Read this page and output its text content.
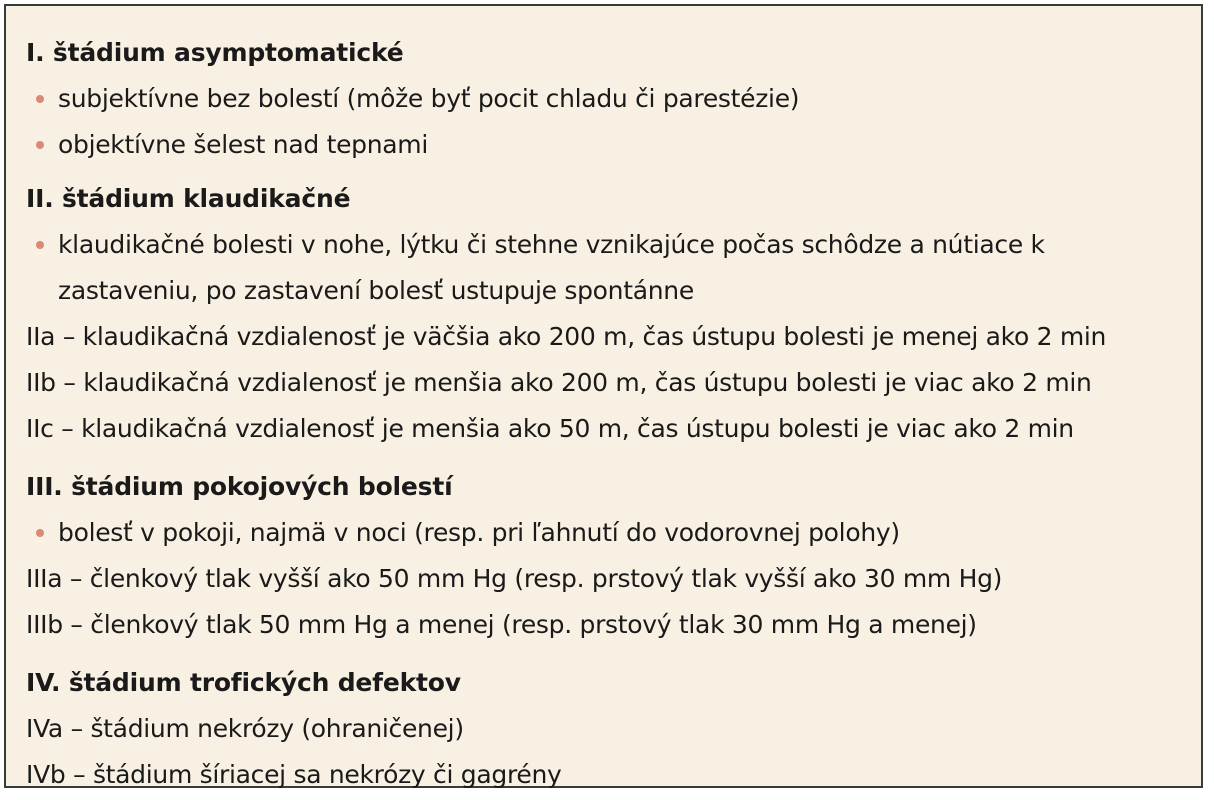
I. štádium asymptomatické
subjektívne bez bolestí (môže byť pocit chladu či parestézie)
objektívne šelest nad tepnami
II. štádium klaudikačné
klaudikačné bolesti v nohe, lýtku či stehne vznikajúce počas schôdze a nútiace k zastaveniu, po zastavení bolesť ustupuje spontánne
IIa – klaudikačná vzdialenosť je väčšia ako 200 m, čas ústupu bolesti je menej ako 2 min
IIb – klaudikačná vzdialenosť je menšia ako 200 m, čas ústupu bolesti je viac ako 2 min
IIc – klaudikačná vzdialenosť je menšia ako 50 m, čas ústupu bolesti je viac ako 2 min
III. štádium pokojových bolestí
bolesť v pokoji, najmä v noci (resp. pri ľahnutí do vodorovnej polohy)
IIIa – členkový tlak vyšší ako 50 mm Hg (resp. prstový tlak vyšší ako 30 mm Hg)
IIIb – členkový tlak 50 mm Hg a menej (resp. prstový tlak 30 mm Hg a menej)
IV. štádium trofických defektov
IVa – štádium nekrózy (ohraničenej)
IVb – štádium šíriacej sa nekrózy či gagrény
